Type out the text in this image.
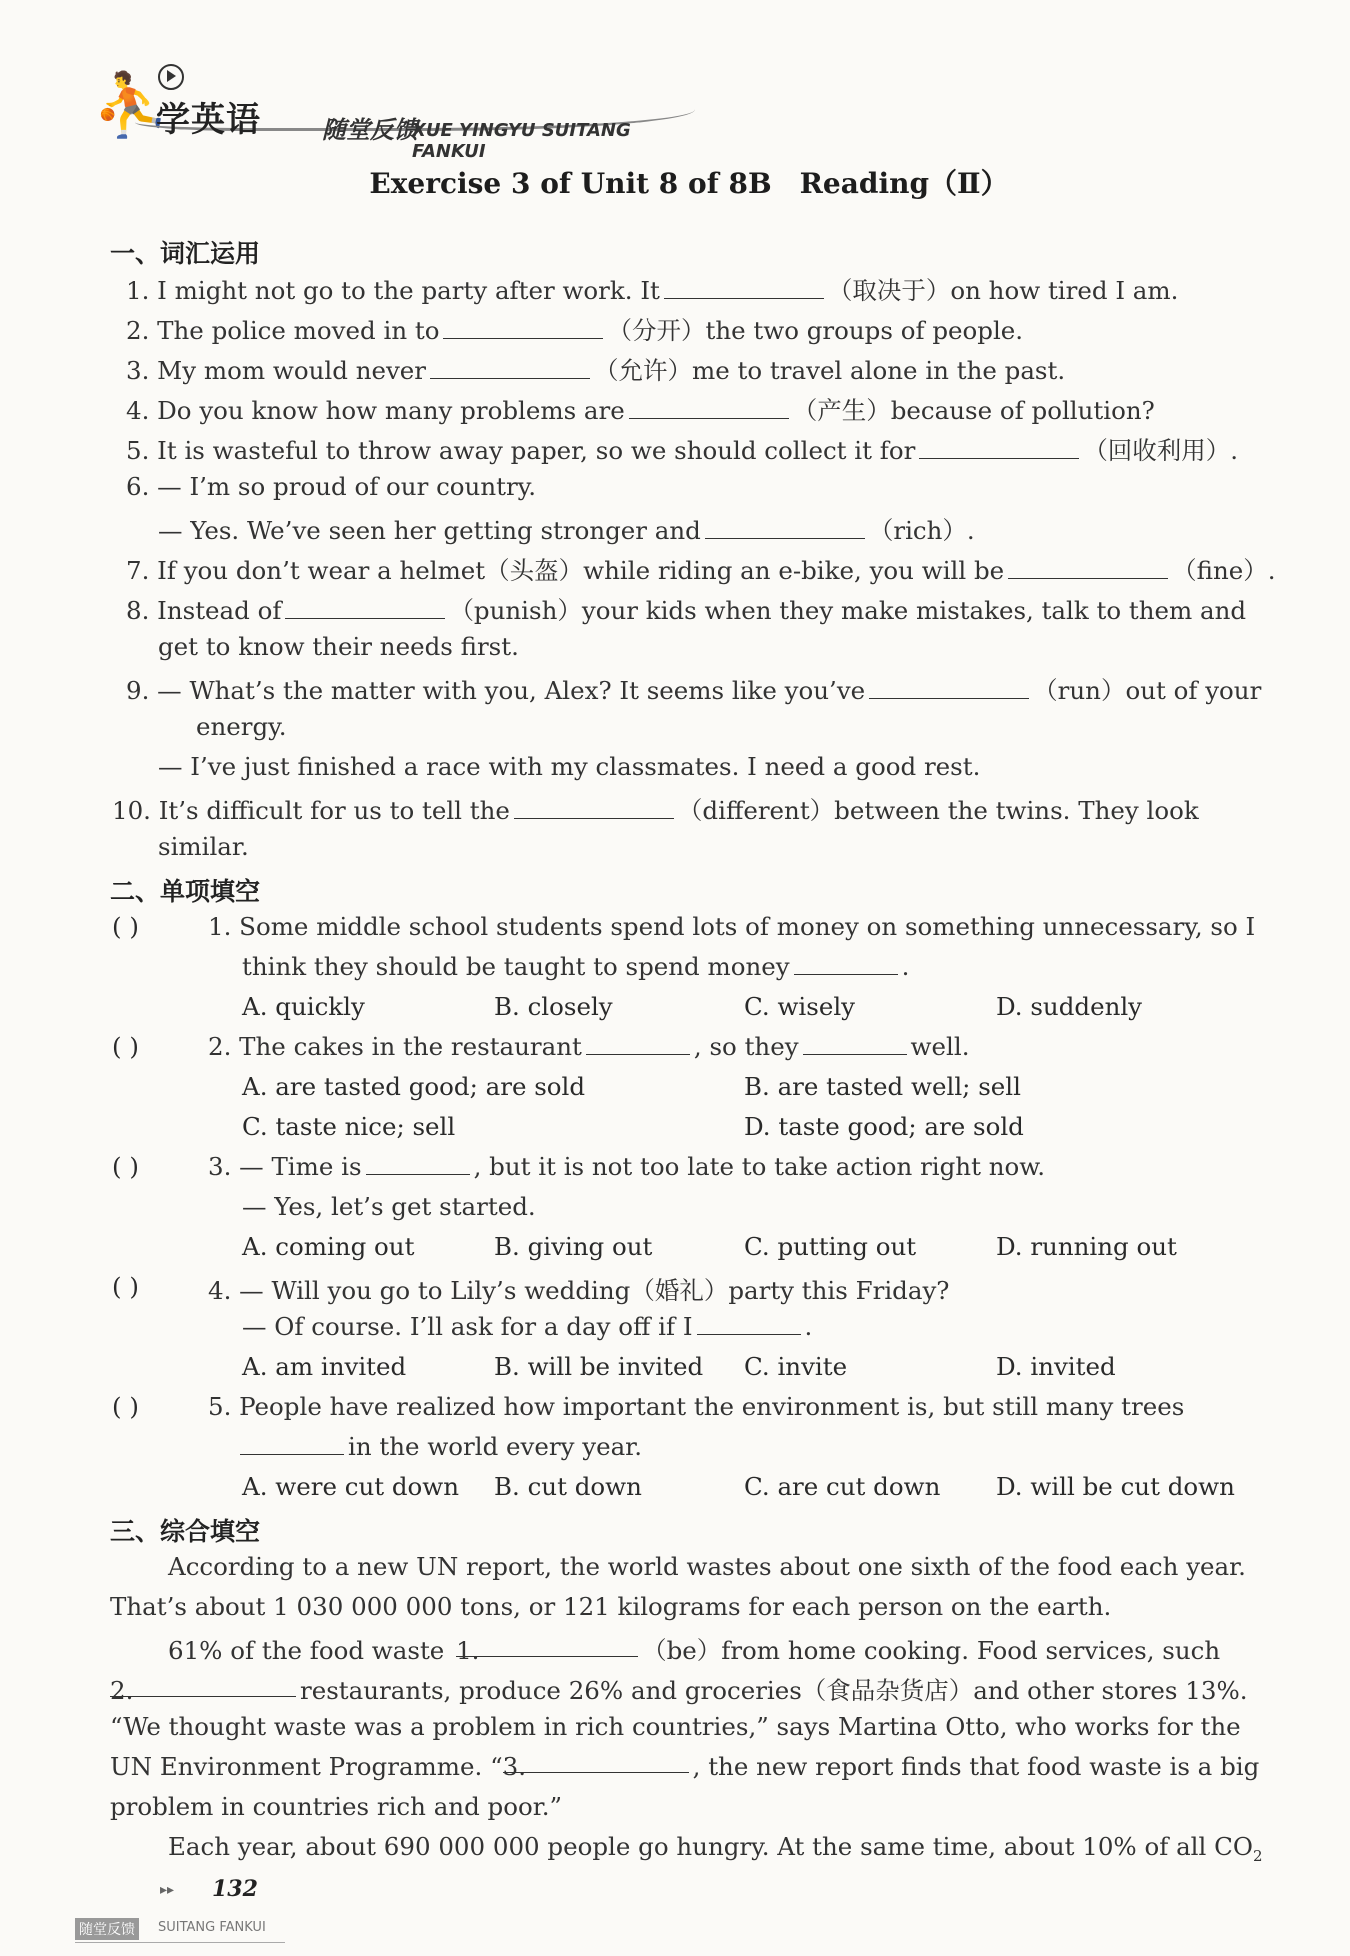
⛹
学英语	随堂反馈
XUE YINGYU SUITANG FANKUI
Exercise 3 of Unit 8 of 8B Reading（Ⅱ）
一、词汇运用
1. I might not go to the party after work. It	（取决于）on how tired I am.
2. The police moved in to	（分开）the two groups of people.
3. My mom would never	（允许）me to travel alone in the past.
4. Do you know how many problems are	（产生）because of pollution?
5. It is wasteful to throw away paper, so we should collect it for	（回收利用）.
6. — I’m so proud of our country.
— Yes. We’ve seen her getting stronger and	（rich）.
7. If you don’t wear a helmet（头盔）while riding an e-bike, you will be	（fine）.
8. Instead of	（punish）your kids when they make mistakes, talk to them and
get to know their needs first.
9. — What’s the matter with you, Alex? It seems like you’ve	（run）out of your
energy.
— I’ve just finished a race with my classmates. I need a good rest.
10. It’s difficult for us to tell the	（different）between the twins. They look
similar.
二、单项填空
( )	1. Some middle school students spend lots of money on something unnecessary, so I
think they should be taught to spend money	.
A. quickly	B. closely	C. wisely	D. suddenly
( )	2. The cakes in the restaurant	, so they	well.
A. are tasted good; are sold	B. are tasted well; sell
C. taste nice; sell	D. taste good; are sold
( )	3. — Time is	, but it is not too late to take action right now.
— Yes, let’s get started.
A. coming out	B. giving out	C. putting out	D. running out
( )	4. — Will you go to Lily’s wedding（婚礼）party this Friday?
— Of course. I’ll ask for a day off if I	.
A. am invited	B. will be invited C. invite	D. invited
( )	5. People have realized how important the environment is, but still many trees
in the world every year.
A. were cut down B. cut down	C. are cut down D. will be cut down
三、综合填空
According to a new UN report, the world wastes about one sixth of the food each year.
That’s about 1 030 000 000 tons, or 121 kilograms for each person on the earth.
61% of the food waste 1.	（be）from home cooking. Food services, such
2.	restaurants, produce 26% and groceries（食品杂货店）and other stores 13%.
“We thought waste was a problem in rich countries,” says Martina Otto, who works for the
UN Environment Programme. “3.	, the new report finds that food waste is a big
problem in countries rich and poor.”
Each year, about 690 000 000 people go hungry. At the same time, about 10% of all $CO_2$
▸▸ 132
随堂反馈	SUITANG FANKUI
